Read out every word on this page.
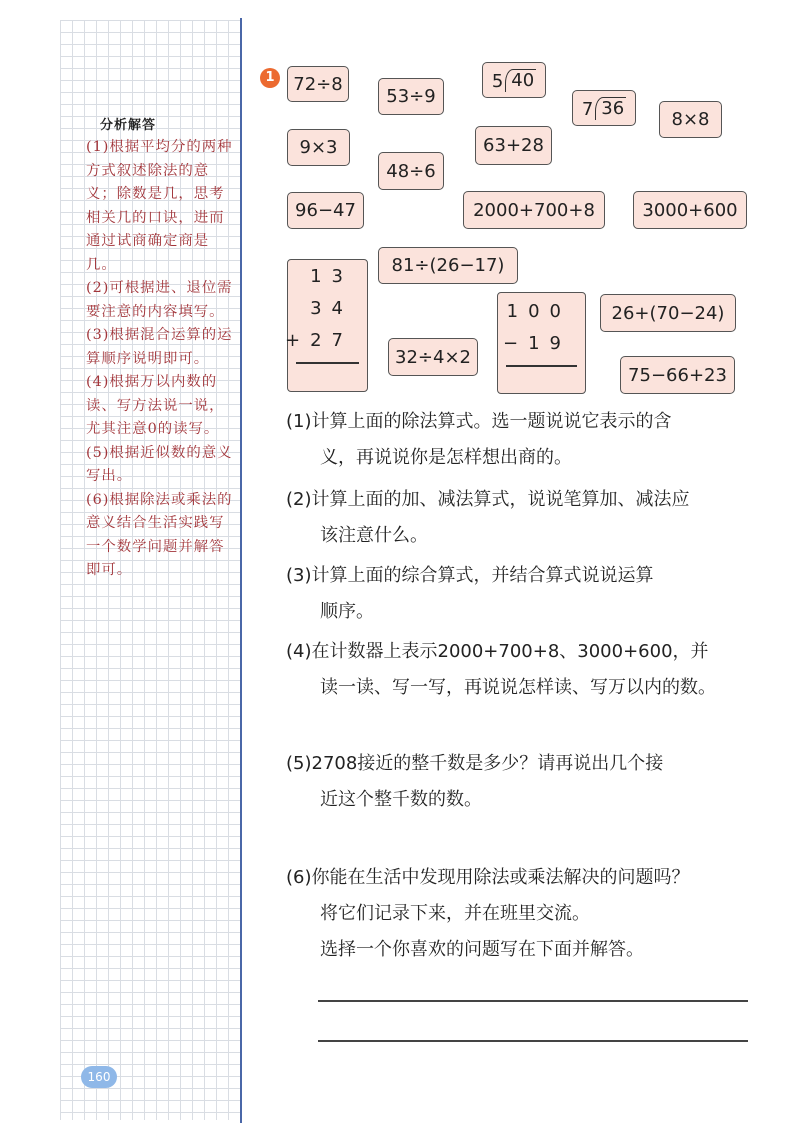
分析解答
(1)根据平均分的两种方式叙述除法的意义；除数是几，思考相关几的口诀，进而通过试商确定商是几。
(2)可根据进、退位需要注意的内容填写。
(3)根据混合运算的运算顺序说明即可。
(4)根据万以内数的读、写方法说一说，尤其注意0的读写。
(5)根据近似数的意义写出。
(6)根据除法或乘法的意义结合生活实践写一个数学问题并解答即可。
1	72÷8
53÷9
5 40
7 36
8×8
9×3
48÷6
63+28
96−47	2000+700+8	3000+600
81÷(26−17)
26+(70−24)
32÷4×2
75−66+23
13
34
+27
100
−19
(1)计算上面的除法算式。选一题说说它表示的含
义，再说说你是怎样想出商的。
(2)计算上面的加、减法算式，说说笔算加、减法应
该注意什么。
(3)计算上面的综合算式，并结合算式说说运算
顺序。
(4)在计数器上表示2000+700+8、3000+600，并
读一读、写一写，再说说怎样读、写万以内的数。
(5)2708接近的整千数是多少？请再说出几个接
近这个整千数的数。
(6)你能在生活中发现用除法或乘法解决的问题吗？
将它们记录下来，并在班里交流。
选择一个你喜欢的问题写在下面并解答。
160
